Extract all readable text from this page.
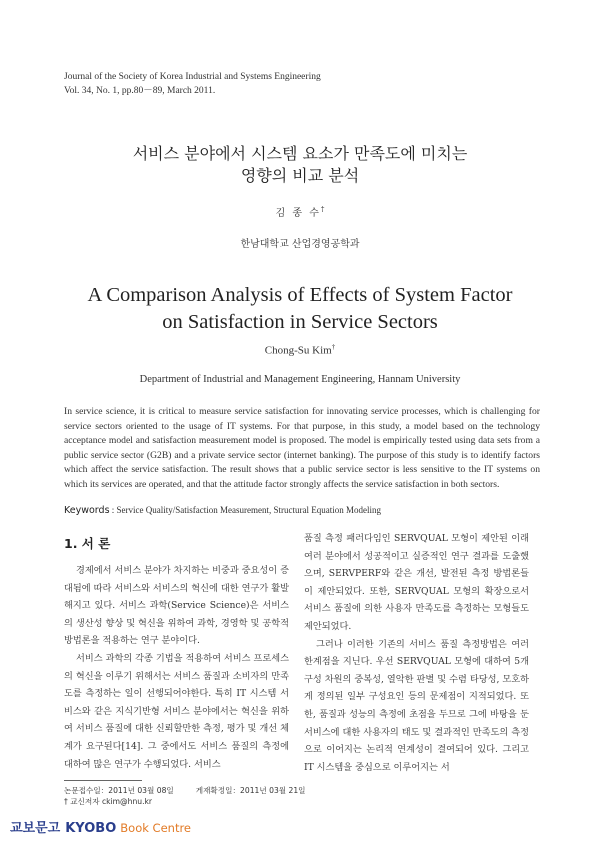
Journal of the Society of Korea Industrial and Systems Engineering
Vol. 34, No. 1, pp.80－89, March 2011.
서비스 분야에서 시스템 요소가 만족도에 미치는
영향의 비교 분석
김 종 수†
한남대학교 산업경영공학과
A Comparison Analysis of Effects of System Factor
on Satisfaction in Service Sectors
Chong-Su Kim†
Department of Industrial and Management Engineering, Hannam University
In service science, it is critical to measure service satisfaction for innovating service processes, which is challenging for service sectors oriented to the usage of IT systems. For that purpose, in this study, a model based on the technology acceptance model and satisfaction measurement model is proposed. The model is empirically tested using data sets from a public service sector (G2B) and a private service sector (internet banking). The purpose of this study is to identify factors which affect the service satisfaction. The result shows that a public service sector is less sensitive to the IT systems on which its services are operated, and that the attitude factor strongly affects the service satisfaction in both sectors.
Keywords : Service Quality/Satisfaction Measurement, Structural Equation Modeling
1. 서 론

경제에서 서비스 분야가 차지하는 비중과 중요성이 증대됨에 따라 서비스와 서비스의 혁신에 대한 연구가 활발해지고 있다. 서비스 과학(Service Science)은 서비스의 생산성 향상 및 혁신을 위하여 과학, 경영학 및 공학적 방법론을 적용하는 연구 분야이다.

서비스 과학의 각종 기법을 적용하여 서비스 프로세스의 혁신을 이루기 위해서는 서비스 품질과 소비자의 만족도를 측정하는 일이 선행되어야한다. 특히 IT 시스템 서비스와 같은 지식기반형 서비스 분야에서는 혁신을 위하여 서비스 품질에 대한 신뢰할만한 측정, 평가 및 개선 체계가 요구된다[14]. 그 중에서도 서비스 품질의 측정에 대하여 많은 연구가 수행되었다. 서비스

품질 측정 패러다임인 SERVQUAL 모형이 제안된 이래 여러 분야에서 성공적이고 실증적인 연구 결과를 도출했으며, SERVPERF와 같은 개선, 발전된 측정 방법론들이 제안되었다. 또한, SERVQUAL 모형의 확장으로서 서비스 품질에 의한 사용자 만족도를 측정하는 모형들도 제안되었다.

그러나 이러한 기존의 서비스 품질 측정방법은 여러 한계점을 지닌다. 우선 SERVQUAL 모형에 대하여 5개 구성 차원의 중복성, 열악한 판별 및 수렴 타당성, 모호하게 정의된 일부 구성요인 등의 문제점이 지적되었다. 또한, 품질과 성능의 측정에 초점을 두므로 그에 바탕을 둔 서비스에 대한 사용자의 태도 및 결과적인 만족도의 측정으로 이어지는 논리적 연계성이 결여되어 있다. 그리고 IT 시스템을 중심으로 이루어지는 서

논문접수일：2011년 03월 08일	게재확정일：2011년 03월 21일
† 교신저자 ckim@hnu.kr
교보문고 KYOBO Book Centre
